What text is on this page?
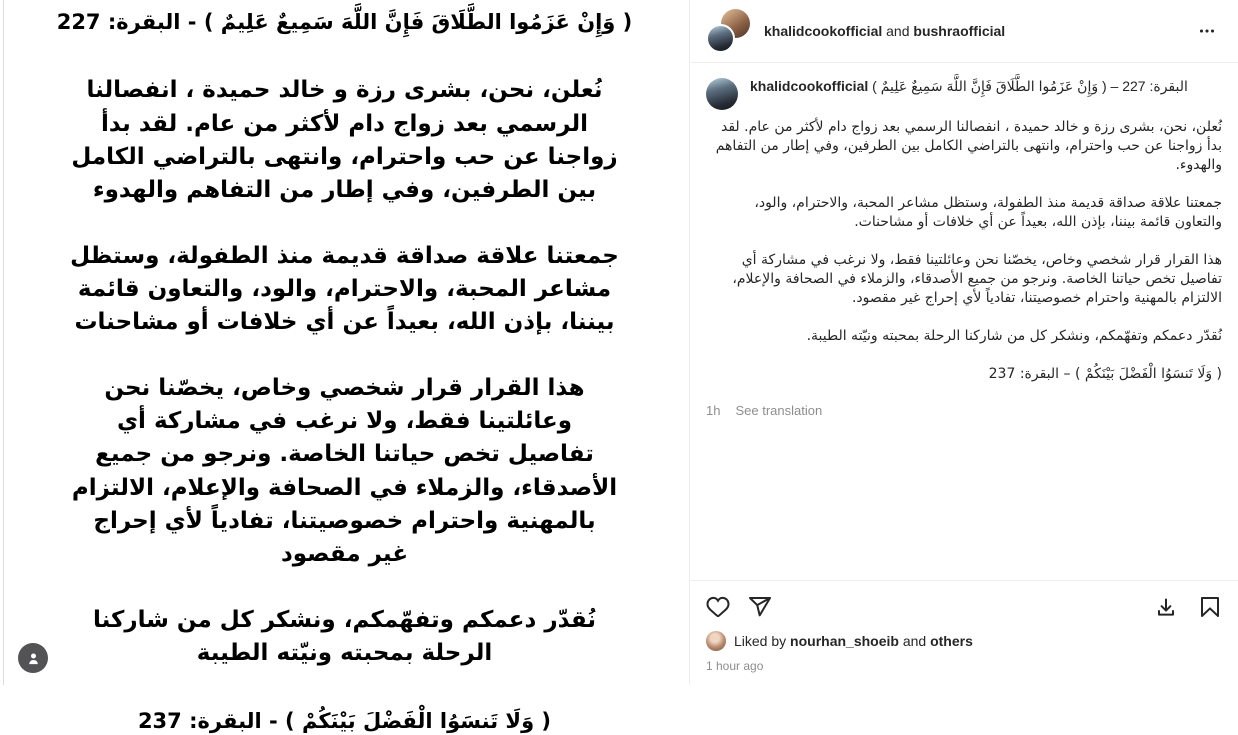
( وَإِنْ عَزَمُوا الطَّلَاقَ فَإِنَّ اللَّهَ سَمِيعٌ عَلِيمٌ ) - البقرة: 227
نُعلن، نحن، بشرى رزة و خالد حميدة ، انفصالنا الرسمي بعد زواج دام لأكثر من عام. لقد بدأ زواجنا عن حب واحترام، وانتهى بالتراضي الكامل بين الطرفين، وفي إطار من التفاهم والهدوء
جمعتنا علاقة صداقة قديمة منذ الطفولة، وستظل مشاعر المحبة، والاحترام، والود، والتعاون قائمة بيننا، بإذن الله، بعيداً عن أي خلافات أو مشاحنات
هذا القرار قرار شخصي وخاص، يخصّنا نحن وعائلتينا فقط، ولا نرغب في مشاركة أي تفاصيل تخص حياتنا الخاصة. ونرجو من جميع الأصدقاء، والزملاء في الصحافة والإعلام، الالتزام بالمهنية واحترام خصوصيتنا، تفادياً لأي إحراج غير مقصود
نُقدّر دعمكم وتفهّمكم، ونشكر كل من شاركنا الرحلة بمحبته ونيّته الطيبة
( وَلَا تَنسَوُا الْفَضْلَ بَيْنَكُمْ ) - البقرة: 237
khalidcookofficial and bushraofficial
khalidcookofficial ( وَإِنْ عَزَمُوا الطَّلَاقَ فَإِنَّ اللَّهَ سَمِيعٌ عَلِيمٌ ) – البقرة: 227

نُعلن، نحن، بشرى رزة و خالد حميدة ، انفصالنا الرسمي بعد زواج دام لأكثر من عام. لقد بدأ زواجنا عن حب واحترام، وانتهى بالتراضي الكامل بين الطرفين، وفي إطار من التفاهم والهدوء.

جمعتنا علاقة صداقة قديمة منذ الطفولة، وستظل مشاعر المحبة، والاحترام، والود، والتعاون قائمة بيننا، بإذن الله، بعيداً عن أي خلافات أو مشاحنات.

هذا القرار قرار شخصي وخاص، يخصّنا نحن وعائلتينا فقط، ولا نرغب في مشاركة أي تفاصيل تخص حياتنا الخاصة. ونرجو من جميع الأصدقاء، والزملاء في الصحافة والإعلام، الالتزام بالمهنية واحترام خصوصيتنا، تفادياً لأي إحراج غير مقصود.

نُقدّر دعمكم وتفهّمكم، ونشكر كل من شاركنا الرحلة بمحبته ونيّته الطيبة.

( وَلَا تَنسَوُا الْفَضْلَ بَيْنَكُمْ ) – البقرة: 237

1h See translation
Liked by nourhan_shoeib and others
1 hour ago
